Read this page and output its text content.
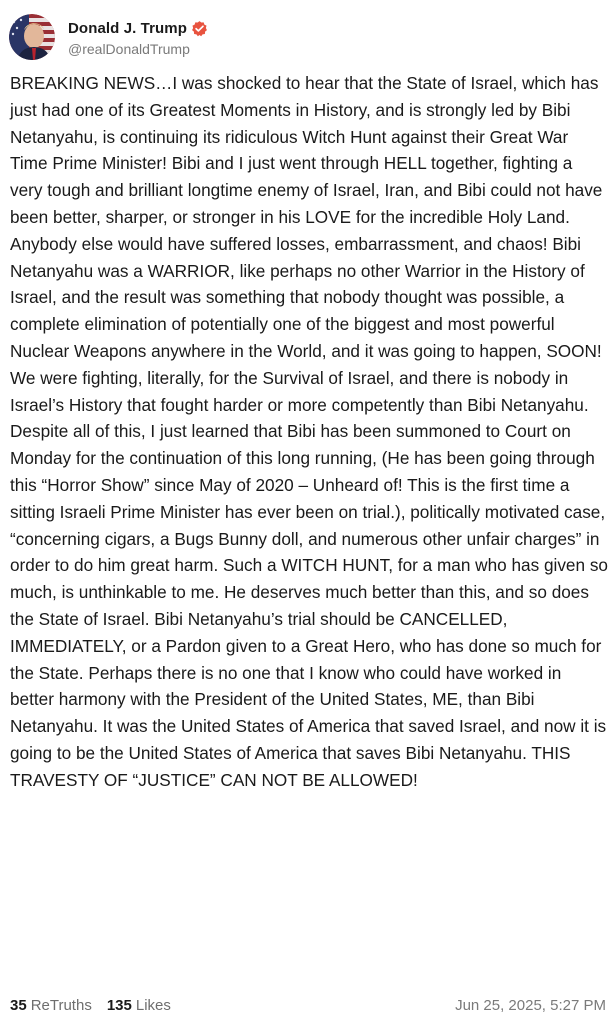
Donald J. Trump
@realDonaldTrump
BREAKING NEWS…I was shocked to hear that the State of Israel, which has just had one of its Greatest Moments in History, and is strongly led by Bibi Netanyahu, is continuing its ridiculous Witch Hunt against their Great War Time Prime Minister! Bibi and I just went through HELL together, fighting a very tough and brilliant longtime enemy of Israel, Iran, and Bibi could not have been better, sharper, or stronger in his LOVE for the incredible Holy Land. Anybody else would have suffered losses, embarrassment, and chaos! Bibi Netanyahu was a WARRIOR, like perhaps no other Warrior in the History of Israel, and the result was something that nobody thought was possible, a complete elimination of potentially one of the biggest and most powerful Nuclear Weapons anywhere in the World, and it was going to happen, SOON! We were fighting, literally, for the Survival of Israel, and there is nobody in Israel’s History that fought harder or more competently than Bibi Netanyahu. Despite all of this, I just learned that Bibi has been summoned to Court on Monday for the continuation of this long running, (He has been going through this “Horror Show” since May of 2020 – Unheard of! This is the first time a sitting Israeli Prime Minister has ever been on trial.), politically motivated case, “concerning cigars, a Bugs Bunny doll, and numerous other unfair charges” in order to do him great harm. Such a WITCH HUNT, for a man who has given so much, is unthinkable to me. He deserves much better than this, and so does the State of Israel. Bibi Netanyahu’s trial should be CANCELLED, IMMEDIATELY, or a Pardon given to a Great Hero, who has done so much for the State. Perhaps there is no one that I know who could have worked in better harmony with the President of the United States, ME, than Bibi Netanyahu. It was the United States of America that saved Israel, and now it is going to be the United States of America that saves Bibi Netanyahu. THIS TRAVESTY OF “JUSTICE” CAN NOT BE ALLOWED!
35 ReTruths 135 Likes	Jun 25, 2025, 5:27 PM
